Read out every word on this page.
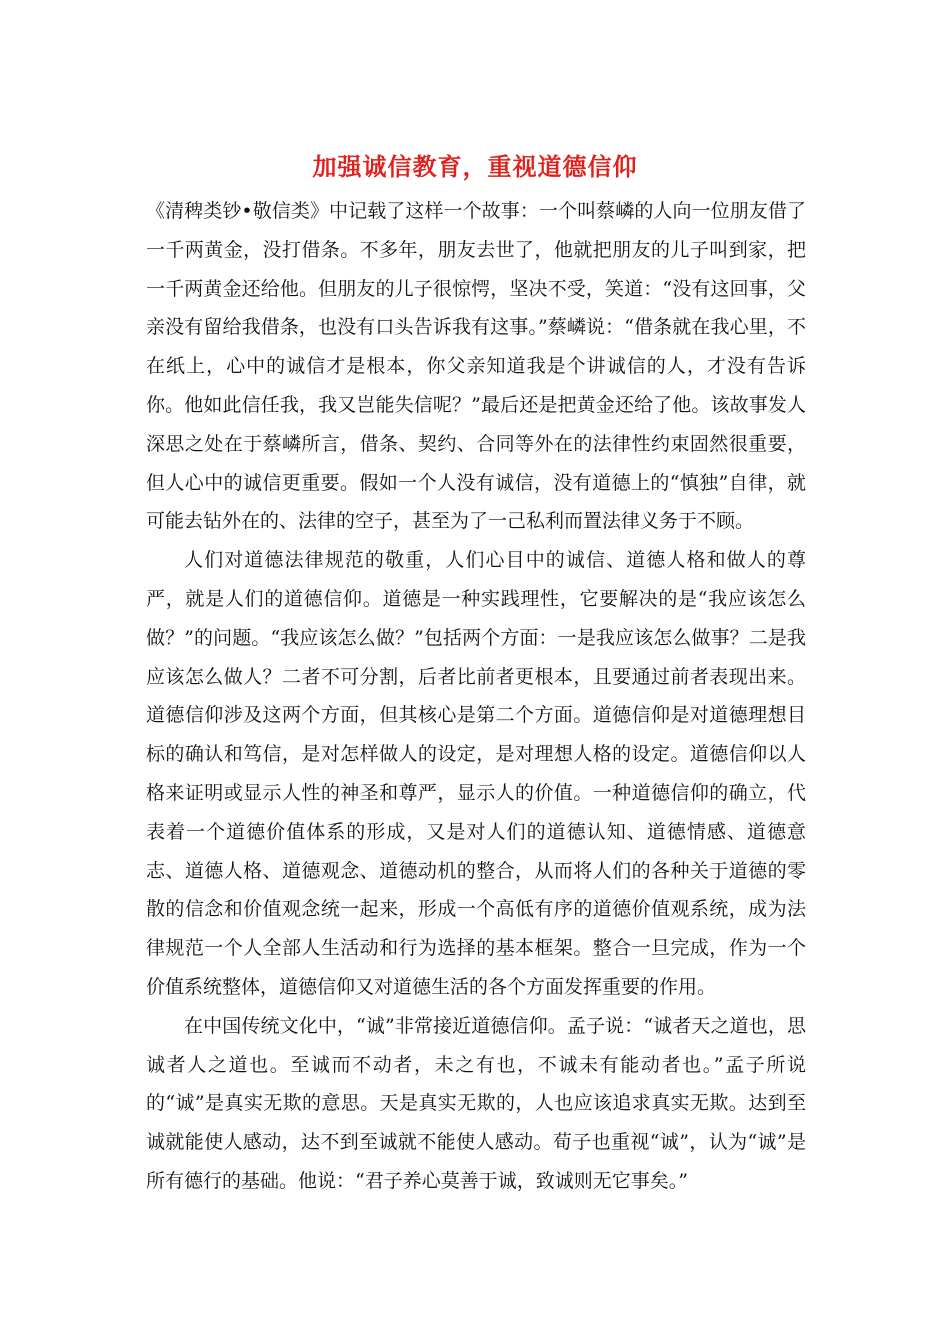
加强诚信教育，重视道德信仰

《清稗类钞•敬信类》中记载了这样一个故事：一个叫蔡嶙的人向一位朋友借了一千两黄金，没打借条。不多年，朋友去世了，他就把朋友的儿子叫到家，把一千两黄金还给他。但朋友的儿子很惊愕，坚决不受，笑道：“没有这回事，父亲没有留给我借条，也没有口头告诉我有这事。”蔡嶙说：“借条就在我心里，不在纸上，心中的诚信才是根本，你父亲知道我是个讲诚信的人，才没有告诉你。他如此信任我，我又岂能失信呢？”最后还是把黄金还给了他。该故事发人深思之处在于蔡嶙所言，借条、契约、合同等外在的法律性约束固然很重要，但人心中的诚信更重要。假如一个人没有诚信，没有道德上的“慎独”自律，就可能去钻外在的、法律的空子，甚至为了一己私利而置法律义务于不顾。

人们对道德法律规范的敬重，人们心目中的诚信、道德人格和做人的尊严，就是人们的道德信仰。道德是一种实践理性，它要解决的是“我应该怎么做？”的问题。“我应该怎么做？”包括两个方面：一是我应该怎么做事？二是我应该怎么做人？二者不可分割，后者比前者更根本，且要通过前者表现出来。道德信仰涉及这两个方面，但其核心是第二个方面。道德信仰是对道德理想目标的确认和笃信，是对怎样做人的设定，是对理想人格的设定。道德信仰以人格来证明或显示人性的神圣和尊严，显示人的价值。一种道德信仰的确立，代表着一个道德价值体系的形成，又是对人们的道德认知、道德情感、道德意志、道德人格、道德观念、道德动机的整合，从而将人们的各种关于道德的零散的信念和价值观念统一起来，形成一个高低有序的道德价值观系统，成为法律规范一个人全部人生活动和行为选择的基本框架。整合一旦完成，作为一个价值系统整体，道德信仰又对道德生活的各个方面发挥重要的作用。

在中国传统文化中，“诚”非常接近道德信仰。孟子说：“诚者天之道也，思诚者人之道也。至诚而不动者，未之有也，不诚未有能动者也。”孟子所说的“诚”是真实无欺的意思。天是真实无欺的，人也应该追求真实无欺。达到至诚就能使人感动，达不到至诚就不能使人感动。荀子也重视“诚”，认为“诚”是所有德行的基础。他说：“君子养心莫善于诚，致诚则无它事矣。”
